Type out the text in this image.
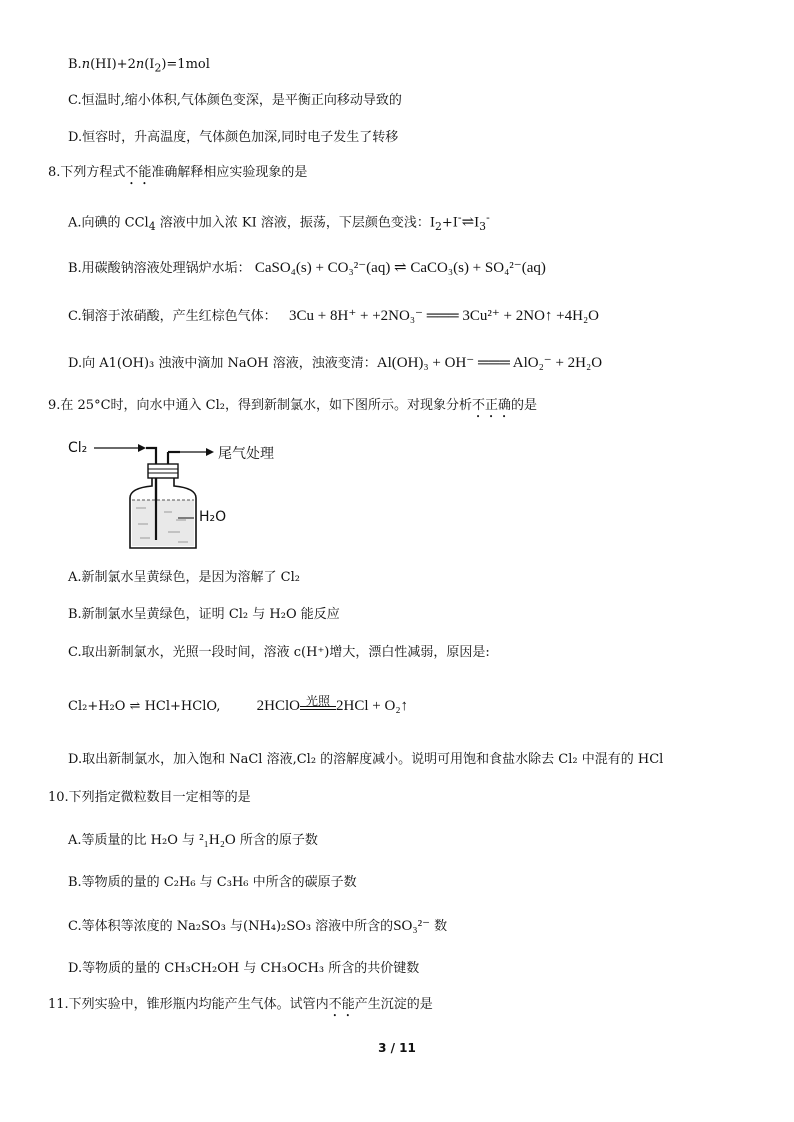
$B.n(HI)+2n(I_2)=1mol$
C.恒温时,缩小体积,气体颜色变深，是平衡正向移动导致的
D.恒容时，升高温度，气体颜色加深,同时电子发生了转移
8.下列方程式不能准确解释相应实验现象的是
A.向碘的 CCl$_4$ 溶液中加入浓 KI 溶液，振荡，下层颜色变浅：$I_2+I^-\rightleftharpoons I_3^-$
B.用碳酸钠溶液处理锅炉水垢： CaSO₄(s) + CO₃²⁻(aq) ⇌ CaCO₃(s) + SO₄²⁻(aq)
C.铜溶于浓硝酸，产生红棕色气体： 3Cu + 8H⁺ + +2NO₃⁻ ═══ 3Cu²⁺ + 2NO↑ +4H₂O
D.向 A1(OH)₃ 浊液中滴加 NaOH 溶液，浊液变清：Al(OH)₃ + OH⁻ ═══ AlO₂⁻ + 2H₂O
9.在 25°C时，向水中通入 Cl₂，得到新制氯水，如下图所示。对现象分析不正确的是
Cl₂	尾气处理
H₂O
A.新制氯水呈黄绿色，是因为溶解了 Cl₂
B.新制氯水呈黄绿色，证明 Cl₂ 与 H₂O 能反应
C.取出新制氯水，光照一段时间，溶液 c(H⁺)增大，漂白性减弱，原因是:
Cl₂+H₂O ⇌ HCl+HClO, 2HClO 光照 2HCl + O₂↑
D.取出新制氯水，加入饱和 NaCl 溶液,Cl₂ 的溶解度减小。说明可用饱和食盐水除去 Cl₂ 中混有的 HCl
10.下列指定微粒数目一定相等的是
A.等质量的比 H₂O 与 ²₁H₂O 所含的原子数
B.等物质的量的 C₂H₆ 与 C₃H₆ 中所含的碳原子数
C.等体积等浓度的 Na₂SO₃ 与(NH₄)₂SO₃ 溶液中所含的SO₃²⁻ 数
D.等物质的量的 CH₃CH₂OH 与 CH₃OCH₃ 所含的共价键数
11.下列实验中，锥形瓶内均能产生气体。试管内不能产生沉淀的是
3 / 11
